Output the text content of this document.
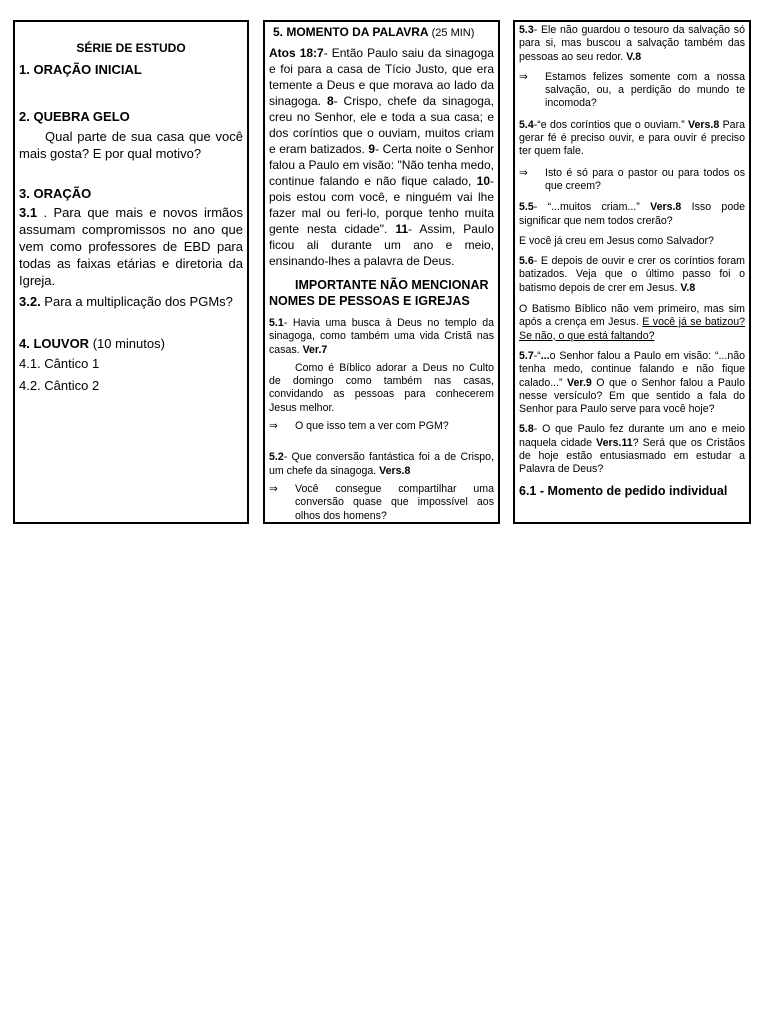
SÉRIE DE ESTUDO

1. ORAÇÃO INICIAL

2. QUEBRA GELO

Qual parte de sua casa que você mais gosta? E por qual motivo?

3. ORAÇÃO

3.1 . Para que mais e novos irmãos assumam compromissos no ano que vem como professores de EBD para todas as faixas etárias e diretoria da Igreja.

3.2. Para a multiplicação dos PGMs?

4. LOUVOR (10 minutos)

4.1. Cântico 1

4.2. Cântico 2

5. MOMENTO DA PALAVRA (25 MIN)

Atos 18:7- Então Paulo saiu da sinagoga e foi para a casa de Tício Justo, que era temente a Deus e que morava ao lado da sinagoga. 8- Crispo, chefe da sinagoga, creu no Senhor, ele e toda a sua casa; e dos coríntios que o ouviam, muitos criam e eram batizados. 9- Certa noite o Senhor falou a Paulo em visão: "Não tenha medo, continue falando e não fique calado, 10- pois estou com você, e ninguém vai lhe fazer mal ou feri-lo, porque tenho muita gente nesta cidade". 11- Assim, Paulo ficou ali durante um ano e meio, ensinando-lhes a palavra de Deus.

IMPORTANTE NÃO MENCIONAR NOMES DE PESSOAS E IGREJAS

5.1- Havia uma busca à Deus no templo da sinagoga, como também uma vida Cristã nas casas. Ver.7

Como é Bíblico adorar a Deus no Culto de domingo como também nas casas, convidando as pessoas para conhecerem Jesus melhor.

⇒	O que isso tem a ver com PGM?

5.2- Que conversão fantástica foi a de Crispo, um chefe da sinagoga. Vers.8

⇒	Você consegue compartilhar uma conversão quase que impossível aos olhos dos homens?

5.3- Ele não guardou o tesouro da salvação só para si, mas buscou a salvação também das pessoas ao seu redor. V.8

⇒	Estamos felizes somente com a nossa salvação, ou, a perdição do mundo te incomoda?

5.4-“e dos coríntios que o ouviam.” Vers.8 Para gerar fé é preciso ouvir, e para ouvir é preciso ter quem fale.

⇒	Isto é só para o pastor ou para todos os que creem?

5.5- “...muitos criam...” Vers.8 Isso pode significar que nem todos crerão?

E você já creu em Jesus como Salvador?

5.6- E depois de ouvir e crer os coríntios foram batizados. Veja que o último passo foi o batismo depois de crer em Jesus. V.8

O Batismo Bíblico não vem primeiro, mas sim após a crença em Jesus. E você já se batizou? Se não, o que está faltando?

5.7-“...o Senhor falou a Paulo em visão: “...não tenha medo, continue falando e não fique calado...” Ver.9 O que o Senhor falou a Paulo nesse versículo? Em que sentido a fala do Senhor para Paulo serve para você hoje?

5.8- O que Paulo fez durante um ano e meio naquela cidade Vers.11? Será que os Cristãos de hoje estão entusiasmado em estudar a Palavra de Deus?

6.1 - Momento de pedido individual
